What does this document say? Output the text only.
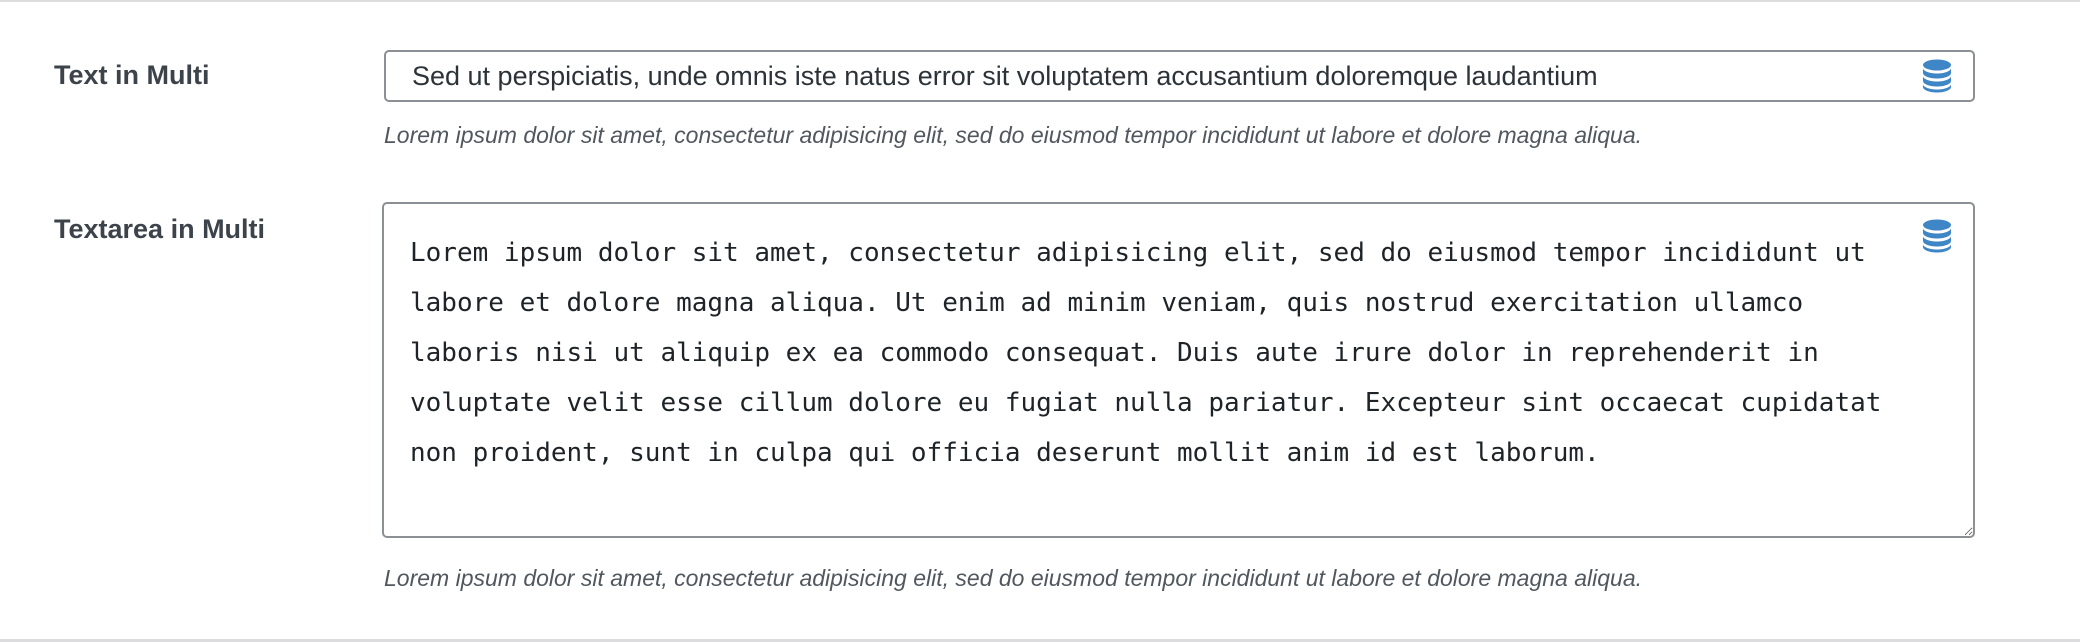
Text in Multi
Sed ut perspiciatis, unde omnis iste natus error sit voluptatem accusantium doloremque laudantium
Lorem ipsum dolor sit amet, consectetur adipisicing elit, sed do eiusmod tempor incididunt ut labore et dolore magna aliqua.
Textarea in Multi
Lorem ipsum dolor sit amet, consectetur adipisicing elit, sed do eiusmod tempor incididunt ut labore et dolore magna aliqua. Ut enim ad minim veniam, quis nostrud exercitation ullamco laboris nisi ut aliquip ex ea commodo consequat. Duis aute irure dolor in reprehenderit in voluptate velit esse cillum dolore eu fugiat nulla pariatur. Excepteur sint occaecat cupidatat non proident, sunt in culpa qui officia deserunt mollit anim id est laborum.
Lorem ipsum dolor sit amet, consectetur adipisicing elit, sed do eiusmod tempor incididunt ut labore et dolore magna aliqua.
